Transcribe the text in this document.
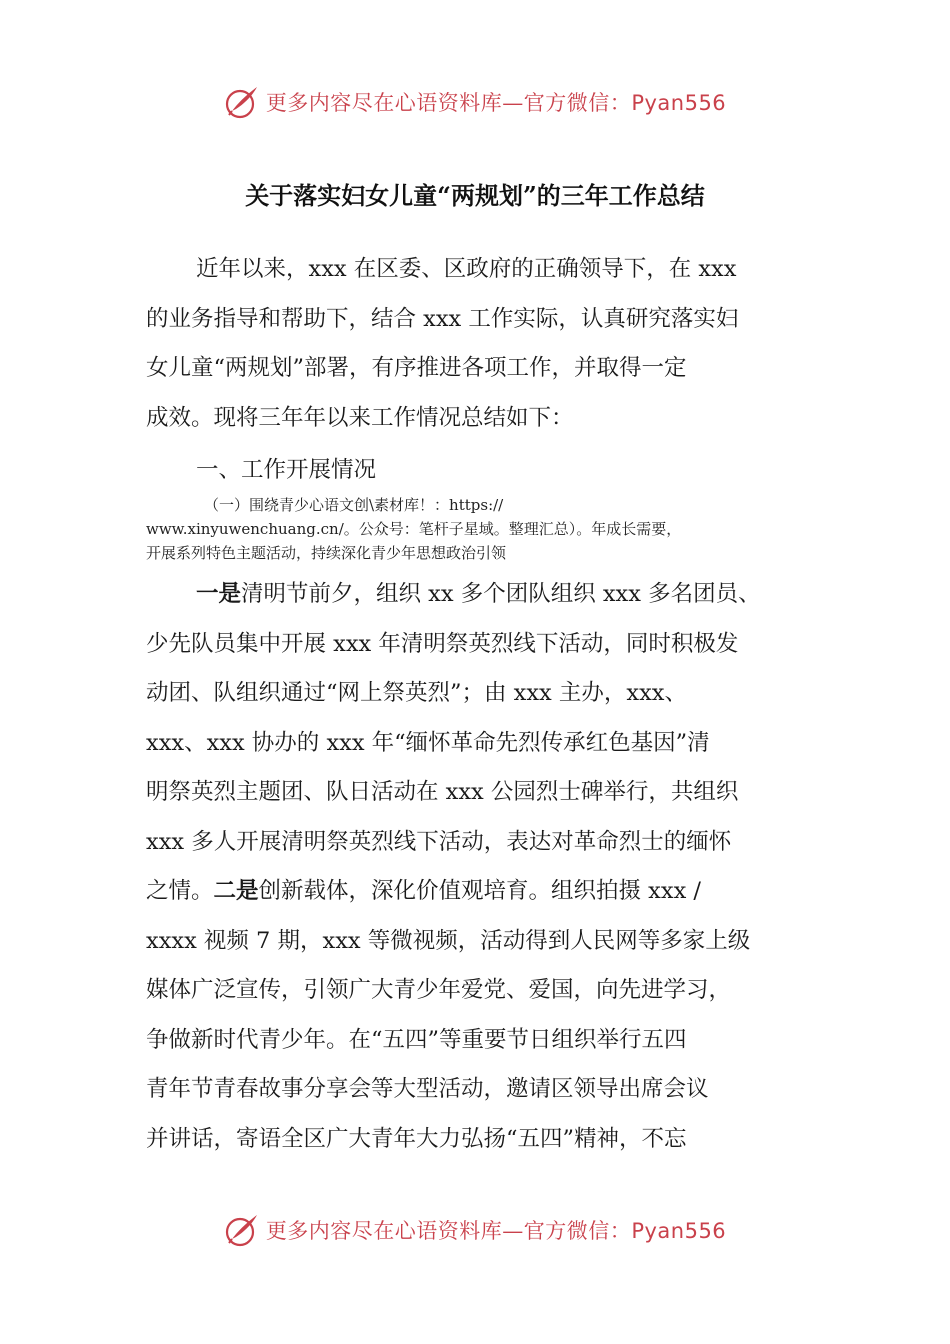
更多内容尽在心语资料库—官方微信：Pyan556
关于落实妇女儿童“两规划”的三年工作总结
近年以来，xxx 在区委、区政府的正确领导下，在 xxx
的业务指导和帮助下，结合 xxx 工作实际，认真研究落实妇
女儿童“两规划”部署，有序推进各项工作，并取得一定
成效。现将三年年以来工作情况总结如下：
一、工作开展情况
（一）围绕青少心语文创\素材库！：https://
www.xinyuwenchuang.cn/。公众号：笔杆子星域。整理汇总）。年成长需要，
开展系列特色主题活动，持续深化青少年思想政治引领
一是清明节前夕，组织 xx 多个团队组织 xxx 多名团员、
少先队员集中开展 xxx 年清明祭英烈线下活动，同时积极发
动团、队组织通过“网上祭英烈”；由 xxx 主办，xxx、
xxx、xxx 协办的 xxx 年“缅怀革命先烈传承红色基因”清
明祭英烈主题团、队日活动在 xxx 公园烈士碑举行，共组织
xxx 多人开展清明祭英烈线下活动，表达对革命烈士的缅怀
之情。二是创新载体，深化价值观培育。组织拍摄 xxx /
xxxx 视频 7 期，xxx 等微视频，活动得到人民网等多家上级
媒体广泛宣传，引领广大青少年爱党、爱国，向先进学习，
争做新时代青少年。在“五四”等重要节日组织举行五四
青年节青春故事分享会等大型活动，邀请区领导出席会议
并讲话，寄语全区广大青年大力弘扬“五四”精神，不忘
更多内容尽在心语资料库—官方微信：Pyan556
